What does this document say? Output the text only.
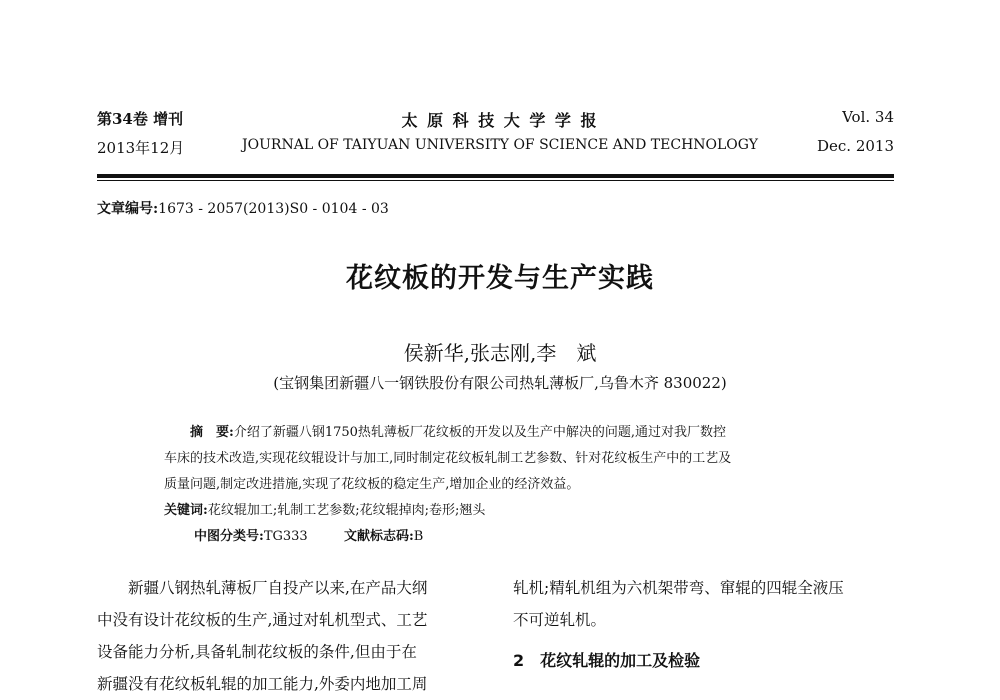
第34卷 增刊
2013年12月
太 原 科 技 大 学 学 报
JOURNAL OF TAIYUAN UNIVERSITY OF SCIENCE AND TECHNOLOGY
Vol. 34
Dec. 2013
文章编号:1673 - 2057(2013)S0 - 0104 - 03
花纹板的开发与生产实践
侯新华,张志刚,李　斌
(宝钢集团新疆八一钢铁股份有限公司热轧薄板厂,乌鲁木齐 830022)
摘　要:介绍了新疆八钢1750热轧薄板厂花纹板的开发以及生产中解决的问题,通过对我厂数控
车床的技术改造,实现花纹辊设计与加工,同时制定花纹板轧制工艺参数、针对花纹板生产中的工艺及
质量问题,制定改进措施,实现了花纹板的稳定生产,增加企业的经济效益。
关键词:花纹辊加工;轧制工艺参数;花纹辊掉肉;卷形;翘头
中图分类号:TG333	文献标志码:B
　　新疆八钢热轧薄板厂自投产以来,在产品大纲
中没有设计花纹板的生产,通过对轧机型式、工艺
设备能力分析,具备轧制花纹板的条件,但由于在
新疆没有花纹板轧辊的加工能力,外委内地加工周
轧机;精轧机组为六机架带弯、窜辊的四辊全液压
不可逆轧机。
2 花纹轧辊的加工及检验
